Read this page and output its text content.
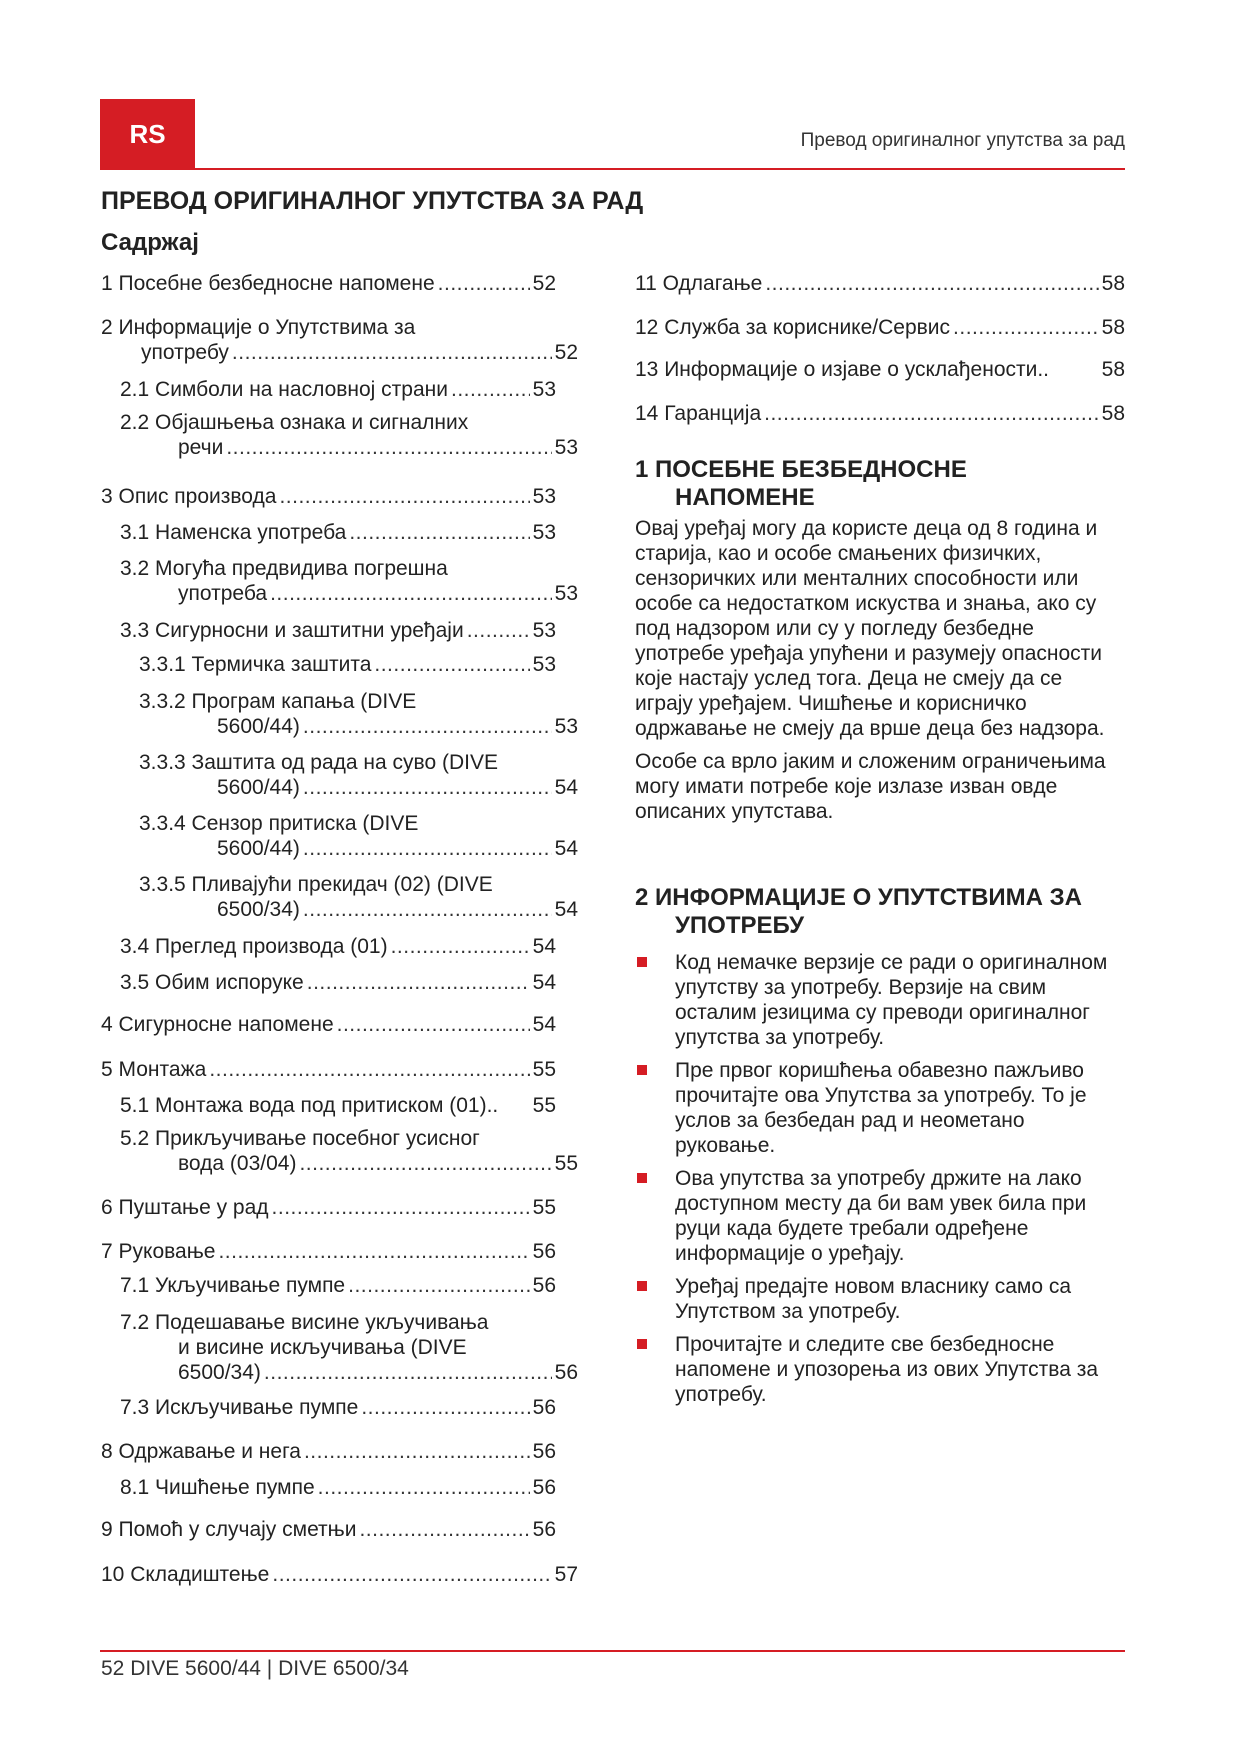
RS	Превод оригиналног упутства за рад
ПРЕВОД ОРИГИНАЛНОГ УПУТСТВА ЗА РАД
Садржај
1 Посебне безбедносне напомене .....	52
2 Информације о Упутствима за
употребу .....	52
2.1 Симболи на насловној страни .....	53
2.2 Објашњења ознака и сигналних
речи .....	53
3 Опис производа .....	53
3.1 Наменска употреба .....	53
3.2 Могућа предвидива погрешна
употреба .....	53
3.3 Сигурносни и заштитни уређаји .....	53
3.3.1 Термичка заштита .....	53
3.3.2 Програм капања (DIVE
5600/44) .....	53
3.3.3 Заштита од рада на суво (DIVE
5600/44) .....	54
3.3.4 Сензор притиска (DIVE
5600/44) .....	54
3.3.5 Пливајући прекидач (02) (DIVE
6500/34) .....	54
3.4 Преглед производа (01) .....	54
3.5 Обим испоруке .....	54
4 Сигурносне напомене .....	54
5 Монтажа .....	55
5.1 Монтажа вода под притиском (01).. 55
5.2 Прикључивање посебног усисног
вода (03/04) .....	55
6 Пуштање у рад .....	55
7 Руковање .....	56
7.1 Укључивање пумпе .....	56
7.2 Подешавање висине укључивања
и висине искључивања (DIVE
6500/34) .....	56
7.3 Искључивање пумпе .....	56
8 Одржавање и нега .....	56
8.1 Чишћење пумпе .....	56
9 Помоћ у случају сметњи .....	56
10 Складиштење .....	57
11 Одлагање .....	58
12 Служба за кориснике/Сервис .....	58
13 Информације о изјаве о усклађености..	58
14 Гаранција .....	58
1 ПОСЕБНЕ БЕЗБЕДНОСНЕ
НАПОМЕНЕ

Овај уређај могу да користе деца од 8 година и старија, као и особе смањених физичких, сензоричких или менталних способности или особе са недостатком искуства и знања, ако су под надзором или су у погледу безбедне употребе уређаја упућени и разумеју опасности које настају услед тога. Деца не смеју да се играју уређајем. Чишћење и корисничко одржавање не смеју да врше деца без надзора.

Особе са врло јаким и сложеним ограничењима могу имати потребе које излазе изван овде описаних упутстава.

2 ИНФОРМАЦИЈЕ О УПУТСТВИМА ЗА
УПОТРЕБУ
Код немачке верзије се ради о оригиналном упутству за употребу. Верзије на свим осталим језицима су преводи оригиналног упутства за употребу.
Пре првог коришћења обавезно пажљиво прочитајте ова Упутства за употребу. То је услов за безбедан рад и неометано руковање.
Ова упутства за употребу држите на лако доступном месту да би вам увек била при руци када будете требали одређене информације о уређају.
Уређај предајте новом власнику само са Упутством за употребу.
Прочитајте и следите све безбедносне напомене и упозорења из ових Упутства за употребу.
52 DIVE 5600/44 | DIVE 6500/34
